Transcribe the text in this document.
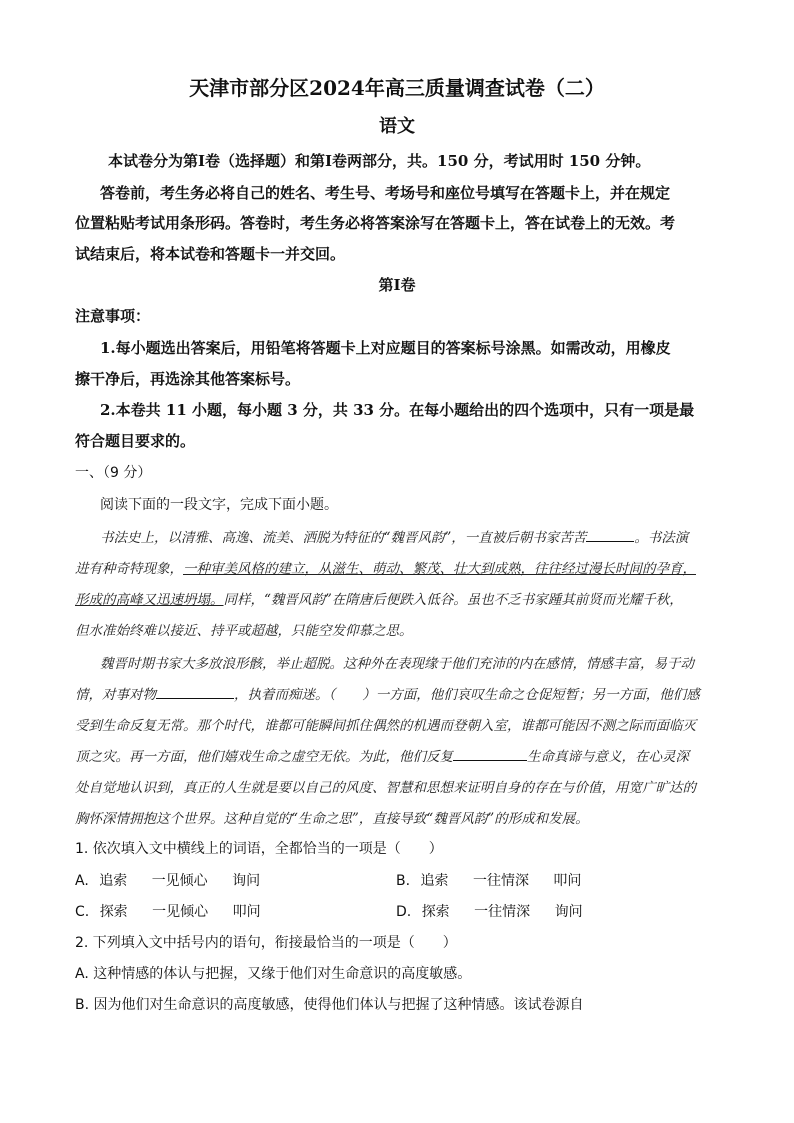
天津市部分区2024年高三质量调查试卷（二）
语文
本试卷分为第Ⅰ卷（选择题）和第Ⅰ卷两部分，共。150 分，考试用时 150 分钟。
答卷前，考生务必将自己的姓名、考生号、考场号和座位号填写在答题卡上，并在规定
位置粘贴考试用条形码。答卷时，考生务必将答案涂写在答题卡上，答在试卷上的无效。考
试结束后，将本试卷和答题卡一并交回。
第Ⅰ卷
注意事项：
1.每小题选出答案后，用铅笔将答题卡上对应题目的答案标号涂黑。如需改动，用橡皮
擦干净后，再选涂其他答案标号。
2.本卷共 11 小题，每小题 3 分，共 33 分。在每小题给出的四个选项中，只有一项是最
符合题目要求的。
一、（9 分）
阅读下面的一段文字，完成下面小题。
书法史上，以清雅、高逸、流美、洒脱为特征的“魏晋风韵”，一直被后朝书家苦苦	。书法演
进有种奇特现象，一种审美风格的建立，从滋生、萌动、繁茂、壮大到成熟，往往经过漫长时间的孕育，
形成的高峰又迅速坍塌。同样，“魏晋风韵”在隋唐后便跌入低谷。虽也不乏书家踵其前贤而光耀千秋，
但水准始终难以接近、持平或超越，只能空发仰慕之思。
魏晋时期书家大多放浪形骸，举止超脱。这种外在表现缘于他们充沛的内在感情，情感丰富，易于动
情，对事对物	，执着而痴迷。（　　）一方面，他们哀叹生命之仓促短暂；另一方面，他们感
受到生命反复无常。那个时代，谁都可能瞬间抓住偶然的机遇而登朝入室，谁都可能因不测之际而面临灭
顶之灾。再一方面，他们嬉戏生命之虚空无依。为此，他们反复	生命真谛与意义，在心灵深
处自觉地认识到，真正的人生就是要以自己的风度、智慧和思想来证明自身的存在与价值，用宽广旷达的
胸怀深情拥抱这个世界。这种自觉的“生命之思”，直接导致“魏晋风韵”的形成和发展。
1. 依次填入文中横线上的词语，全都恰当的一项是（　　）
A. 追索 一见倾心 询问	B. 追索 一往情深 叩问
C. 探索 一见倾心 叩问	D. 探索 一往情深 询问
2. 下列填入文中括号内的语句，衔接最恰当的一项是（　　）
A. 这种情感的体认与把握，又缘于他们对生命意识的高度敏感。
B. 因为他们对生命意识的高度敏感，使得他们体认与把握了这种情感。该试卷源自
